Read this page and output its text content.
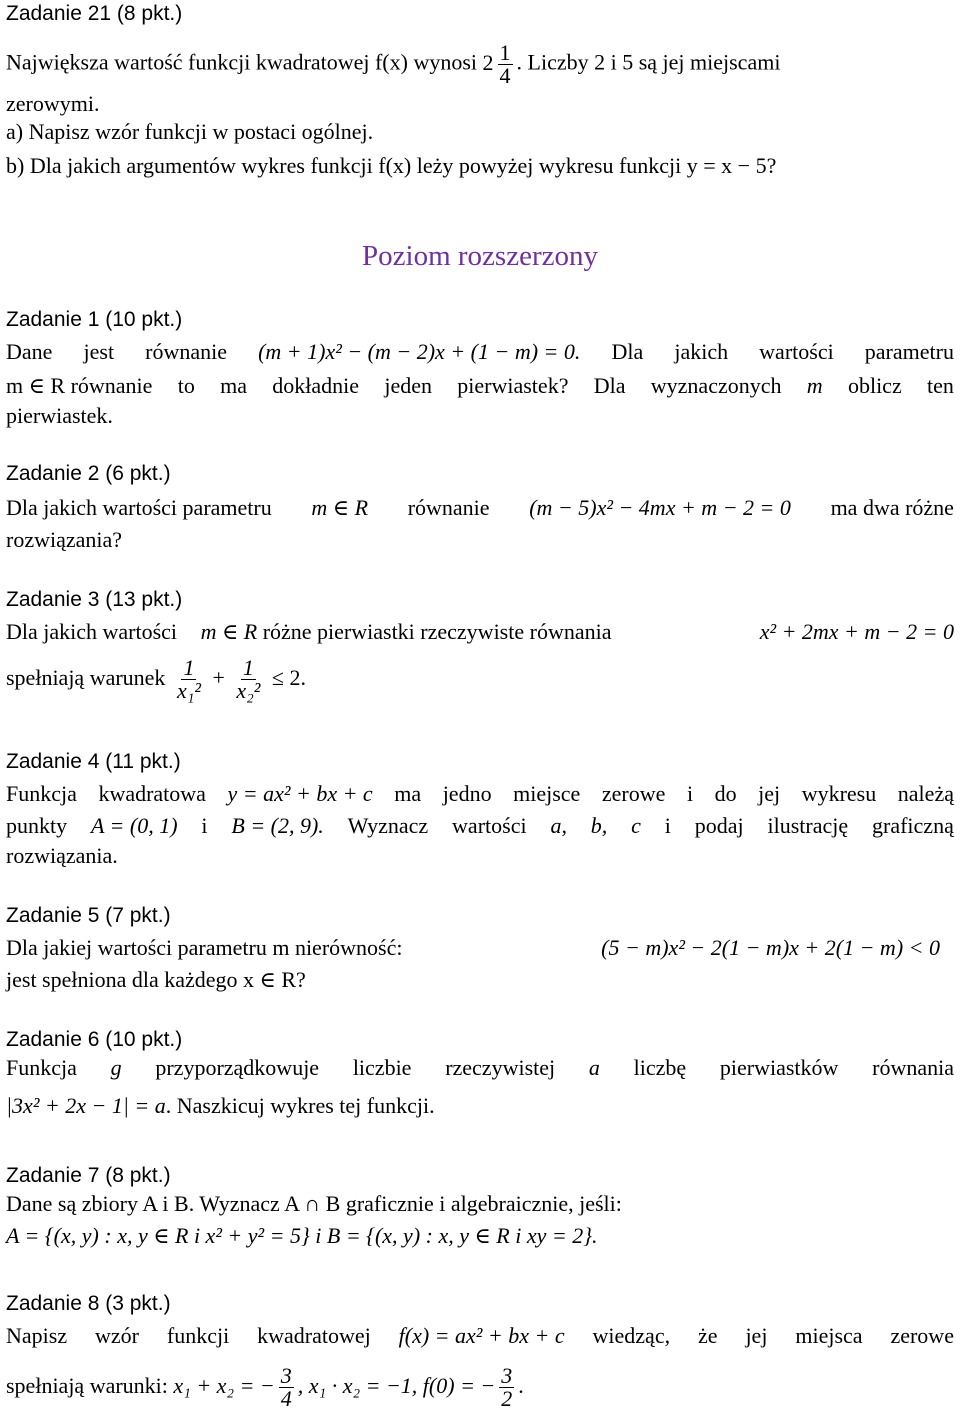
Zadanie 21 (8 pkt.)
Największa wartość funkcji kwadratowej f(x) wynosi $2 \frac{1}{4}$ . Liczby 2 i 5 są jej miejscami
zerowymi.
a) Napisz wzór funkcji w postaci ogólnej.
b) Dla jakich argumentów wykres funkcji f(x) leży powyżej wykresu funkcji y = x − 5?
Poziom rozszerzony
Zadanie 1 (10 pkt.)
Dane jest równanie (m + 1)x² − (m − 2)x + (1 − m) = 0. Dla jakich wartości parametru
m ∈ R równanie to ma dokładnie jeden pierwiastek? Dla wyznaczonych m oblicz ten
pierwiastek.
Zadanie 2 (6 pkt.)
Dla jakich wartości parametru m ∈ R równanie (m − 5)x² − 4mx + m − 2 = 0 ma dwa różne
rozwiązania?
Zadanie 3 (13 pkt.)
Dla jakich wartości m ∈ R różne pierwiastki rzeczywiste równania	x² + 2mx + m − 2 = 0
spełniają warunek $\frac{1}{\text{x₁²}} + \frac{1}{\text{x₂²}} \le 2$.
Zadanie 4 (11 pkt.)
Funkcja kwadratowa y = ax² + bx + c ma jedno miejsce zerowe i do jej wykresu należą
punkty A = (0, 1) i B = (2, 9). Wyznacz wartości a, b, c i podaj ilustrację graficzną
rozwiązania.
Zadanie 5 (7 pkt.)
Dla jakiej wartości parametru m nierówność:	(5 − m)x² − 2(1 − m)x + 2(1 − m) < 0
jest spełniona dla każdego x ∈ R?
Zadanie 6 (10 pkt.)
Funkcja g przyporządkowuje liczbie rzeczywistej a liczbę pierwiastków równania
|3x² + 2x − 1| = a. Naszkicuj wykres tej funkcji.
Zadanie 7 (8 pkt.)
Dane są zbiory A i B. Wyznacz A ∩ B graficznie i algebraicznie, jeśli:
A = {(x, y) : x, y ∈ R i x² + y² = 5} i B = {(x, y) : x, y ∈ R i xy = 2}.
Zadanie 8 (3 pkt.)
Napisz wzór funkcji kwadratowej f(x) = ax² + bx + c wiedząc, że jej miejsca zerowe
spełniają warunki: x₁ + x₂ = − $\frac{3}{4}$ , x₁ · x₂ = −1, f(0) = − $\frac{3}{2}$ .
